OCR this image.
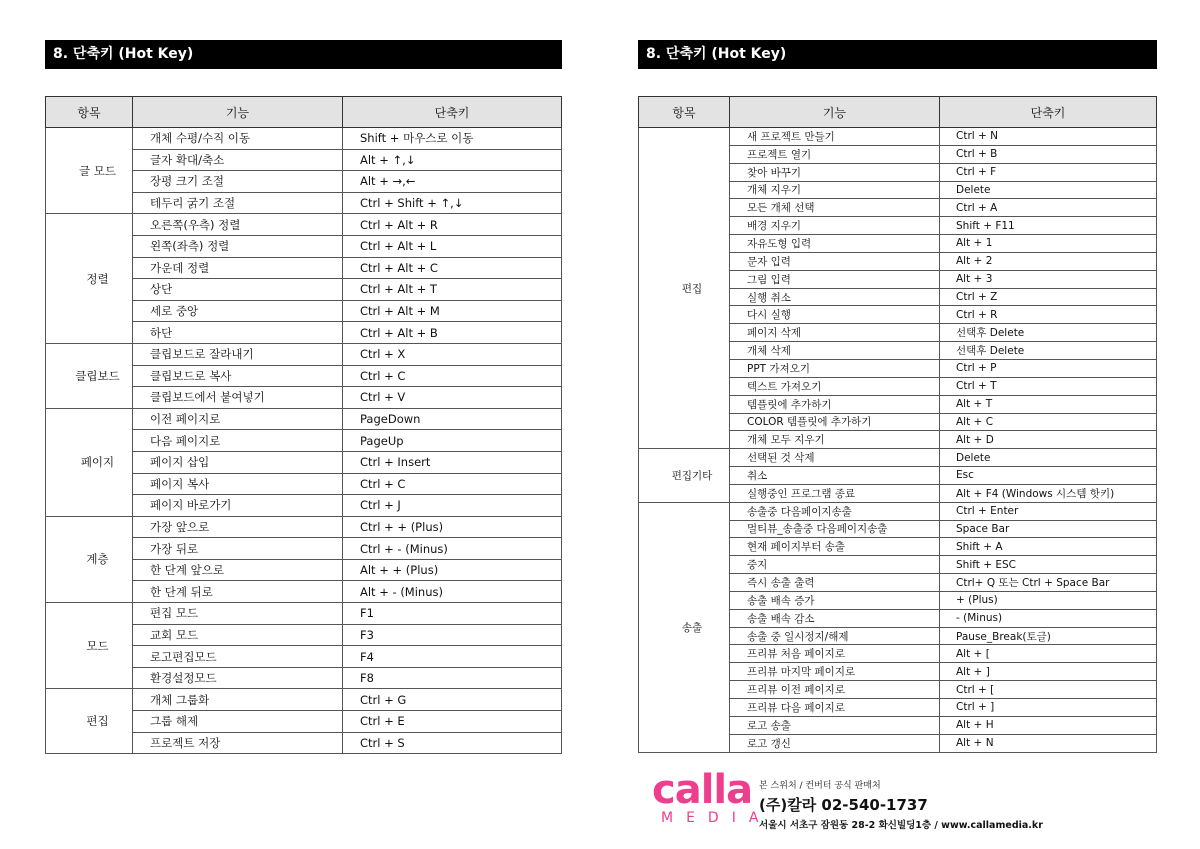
8. 단축키 (Hot Key)
항목	기능	단축키
글 모드	개체 수평/수직 이동	Shift + 마우스로 이동
	글자 확대/축소	Alt + ↑,↓
	장평 크기 조절	Alt + →,←
	테두리 굵기 조절	Ctrl + Shift + ↑,↓
정렬	오른쪽(우측) 정렬	Ctrl + Alt + R
	왼쪽(좌측) 정렬	Ctrl + Alt + L
	가운데 정렬	Ctrl + Alt + C
	상단	Ctrl + Alt + T
	세로 중앙	Ctrl + Alt + M
	하단	Ctrl + Alt + B
클립보드	클립보드로 잘라내기	Ctrl + X
	클립보드로 복사	Ctrl + C
	클립보드에서 붙여넣기	Ctrl + V
페이지	이전 페이지로	PageDown
	다음 페이지로	PageUp
	페이지 삽입	Ctrl + Insert
	페이지 복사	Ctrl + C
	페이지 바로가기	Ctrl + J
계층	가장 앞으로	Ctrl + + (Plus)
	가장 뒤로	Ctrl + - (Minus)
	한 단계 앞으로	Alt + + (Plus)
	한 단계 뒤로	Alt + - (Minus)
모드	편집 모드	F1
	교회 모드	F3
	로고편집모드	F4
	환경설정모드	F8
편집	개체 그룹화	Ctrl + G
	그룹 해제	Ctrl + E
	프로젝트 저장	Ctrl + S
8. 단축키 (Hot Key)
항목	기능	단축키
편집	새 프로젝트 만들기	Ctrl + N
	프로젝트 열기	Ctrl + B
	찾아 바꾸기	Ctrl + F
	개체 지우기	Delete
	모든 개체 선택	Ctrl + A
	배경 지우기	Shift + F11
	자유도형 입력	Alt + 1
	문자 입력	Alt + 2
	그림 입력	Alt + 3
	실행 취소	Ctrl + Z
	다시 실행	Ctrl + R
	페이지 삭제	선택후 Delete
	개체 삭제	선택후 Delete
	PPT 가져오기	Ctrl + P
	텍스트 가져오기	Ctrl + T
	템플릿에 추가하기	Alt + T
	COLOR 템플릿에 추가하기	Alt + C
	개체 모두 지우기	Alt + D
편집기타	선택된 것 삭제	Delete
	취소	Esc
	실행중인 프로그램 종료	Alt + F4 (Windows 시스템 핫키)
송출	송출중 다음페이지송출	Ctrl + Enter
	멀티뷰_송출중 다음페이지송출	Space Bar
	현재 페이지부터 송출	Shift + A
	중지	Shift + ESC
	즉시 송출 출력	Ctrl+ Q 또는 Ctrl + Space Bar
	송출 배속 증가	+ (Plus)
	송출 배속 감소	- (Minus)
	송출 중 일시정지/해제	Pause_Break(토글)
	프리뷰 처음 페이지로	Alt + [
	프리뷰 마지막 페이지로	Alt + ]
	프리뷰 이전 페이지로	Ctrl + [
	프리뷰 다음 페이지로	Ctrl + ]
	로고 송출	Alt + H
	로고 갱신	Alt + N
calla
MEDIA
본 스위처 / 컨버터 공식 판매처
(주)칼라 02-540-1737
서울시 서초구 잠원동 28-2 화신빌딩1층 / www.callamedia.kr
